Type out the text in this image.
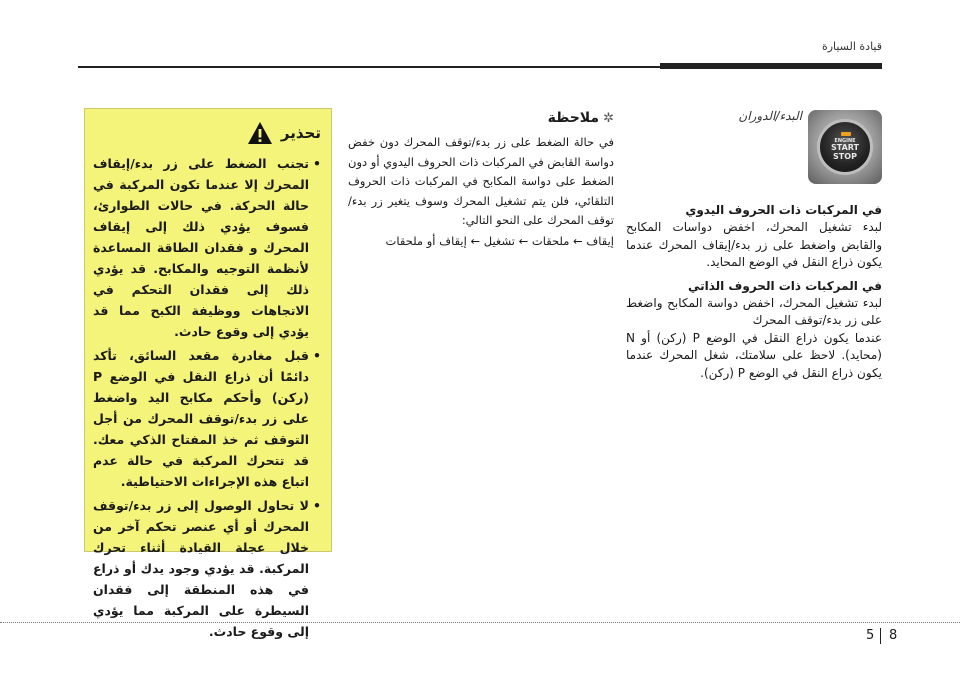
قيادة السيارة
ENGINE
START
STOP
البدء/الدوران
في المركبات ذات الحروف اليدوي
لبدء تشغيل المحرك، اخفض دواسات المكابح والقابض واضغط على زر بدء/إيقاف المحرك عندما يكون ذراع النقل في الوضع المحايد.
في المركبات ذات الحروف الذاتي
لبدء تشغيل المحرك، اخفض دواسة المكابح واضغط على زر بدء/توقف المحرك
عندما يكون ذراع النقل في الوضع P (ركن) أو N (محايد). لاحظ على سلامتك، شغل المحرك عندما يكون ذراع النقل في الوضع P (ركن).
✲ملاحظة
في حالة الضغط على زر بدء/توقف المحرك دون خفض دواسة القابض في المركبات ذات الحروف اليدوي أو دون الضغط على دواسة المكابح في المركبات ذات الحروف التلقائي، فلن يتم تشغيل المحرك وسوف يتغير زر بدء/توقف المحرك على النحو التالي:
إيقاف ← ملحقات ← تشغيل ← إيقاف أو ملحقات
تحذير
• تجنب الضغط على زر بدء/إيقاف المحرك إلا عندما تكون المركبة في حالة الحركة. في حالات الطوارئ، فسوف يؤدي ذلك إلى إيقاف المحرك و فقدان الطاقة المساعدة لأنظمة التوجيه والمكابح. قد يؤدي ذلك إلى فقدان التحكم في الاتجاهات ووظيفة الكبح مما قد يؤدي إلى وقوع حادث.
• قبل مغادرة مقعد السائق، تأكد دائمًا أن ذراع النقل في الوضع P (ركن) وأحكم مكابح اليد واضغط على زر بدء/توقف المحرك من أجل التوقف ثم خذ المفتاح الذكي معك. قد تتحرك المركبة في حالة عدم اتباع هذه الإجراءات الاحتياطية.
• لا تحاول الوصول إلى زر بدء/توقف المحرك أو أي عنصر تحكم آخر من خلال عجلة القيادة أثناء تحرك المركبة. قد يؤدي وجود يدك أو ذراع في هذه المنطقة إلى فقدان السيطرة على المركبة مما يؤدي إلى وقوع حادث.	5 8
